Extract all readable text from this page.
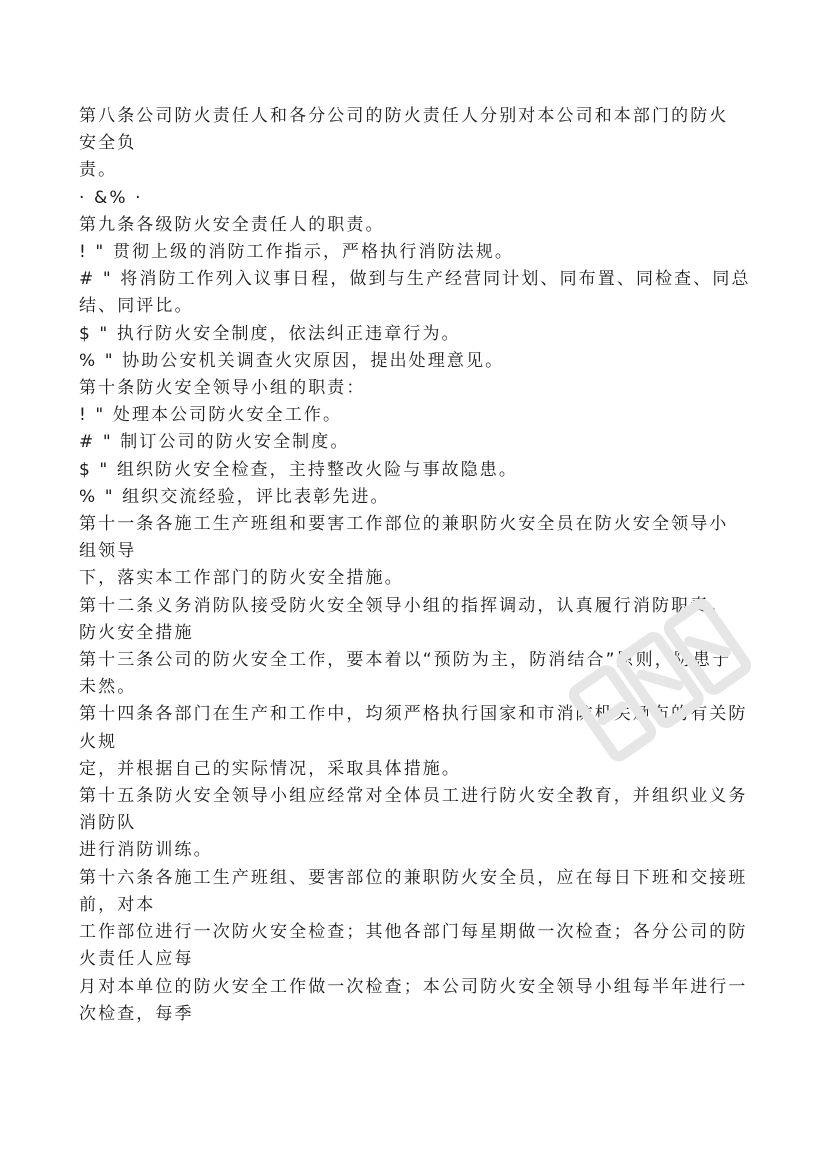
第八条公司防火责任人和各分公司的防火责任人分别对本公司和本部门的防火
安全负
责。
· &% ·
第九条各级防火安全责任人的职责。
! " 贯彻上级的消防工作指示，严格执行消防法规。
# " 将消防工作列入议事日程，做到与生产经营同计划、同布置、同检查、同总
结、同评比。
$ " 执行防火安全制度，依法纠正违章行为。
% " 协助公安机关调查火灾原因，提出处理意见。
第十条防火安全领导小组的职责：
! " 处理本公司防火安全工作。
# " 制订公司的防火安全制度。
$ " 组织防火安全检查，主持整改火险与事故隐患。
% " 组织交流经验，评比表彰先进。
第十一条各施工生产班组和要害工作部位的兼职防火安全员在防火安全领导小
组领导
下，落实本工作部门的防火安全措施。
第十二条义务消防队接受防火安全领导小组的指挥调动，认真履行消防职责。
防火安全措施
第十三条公司的防火安全工作，要本着以“预防为主，防消结合”原则，防患于
未然。
第十四条各部门在生产和工作中，均须严格执行国家和市消防机关颁布的有关防
火规
定，并根据自己的实际情况，采取具体措施。
第十五条防火安全领导小组应经常对全体员工进行防火安全教育，并组织业义务
消防队
进行消防训练。
第十六条各施工生产班组、要害部位的兼职防火安全员，应在每日下班和交接班
前，对本
工作部位进行一次防火安全检查；其他各部门每星期做一次检查；各分公司的防
火责任人应每
月对本单位的防火安全工作做一次检查；本公司防火安全领导小组每半年进行一
次检查，每季
